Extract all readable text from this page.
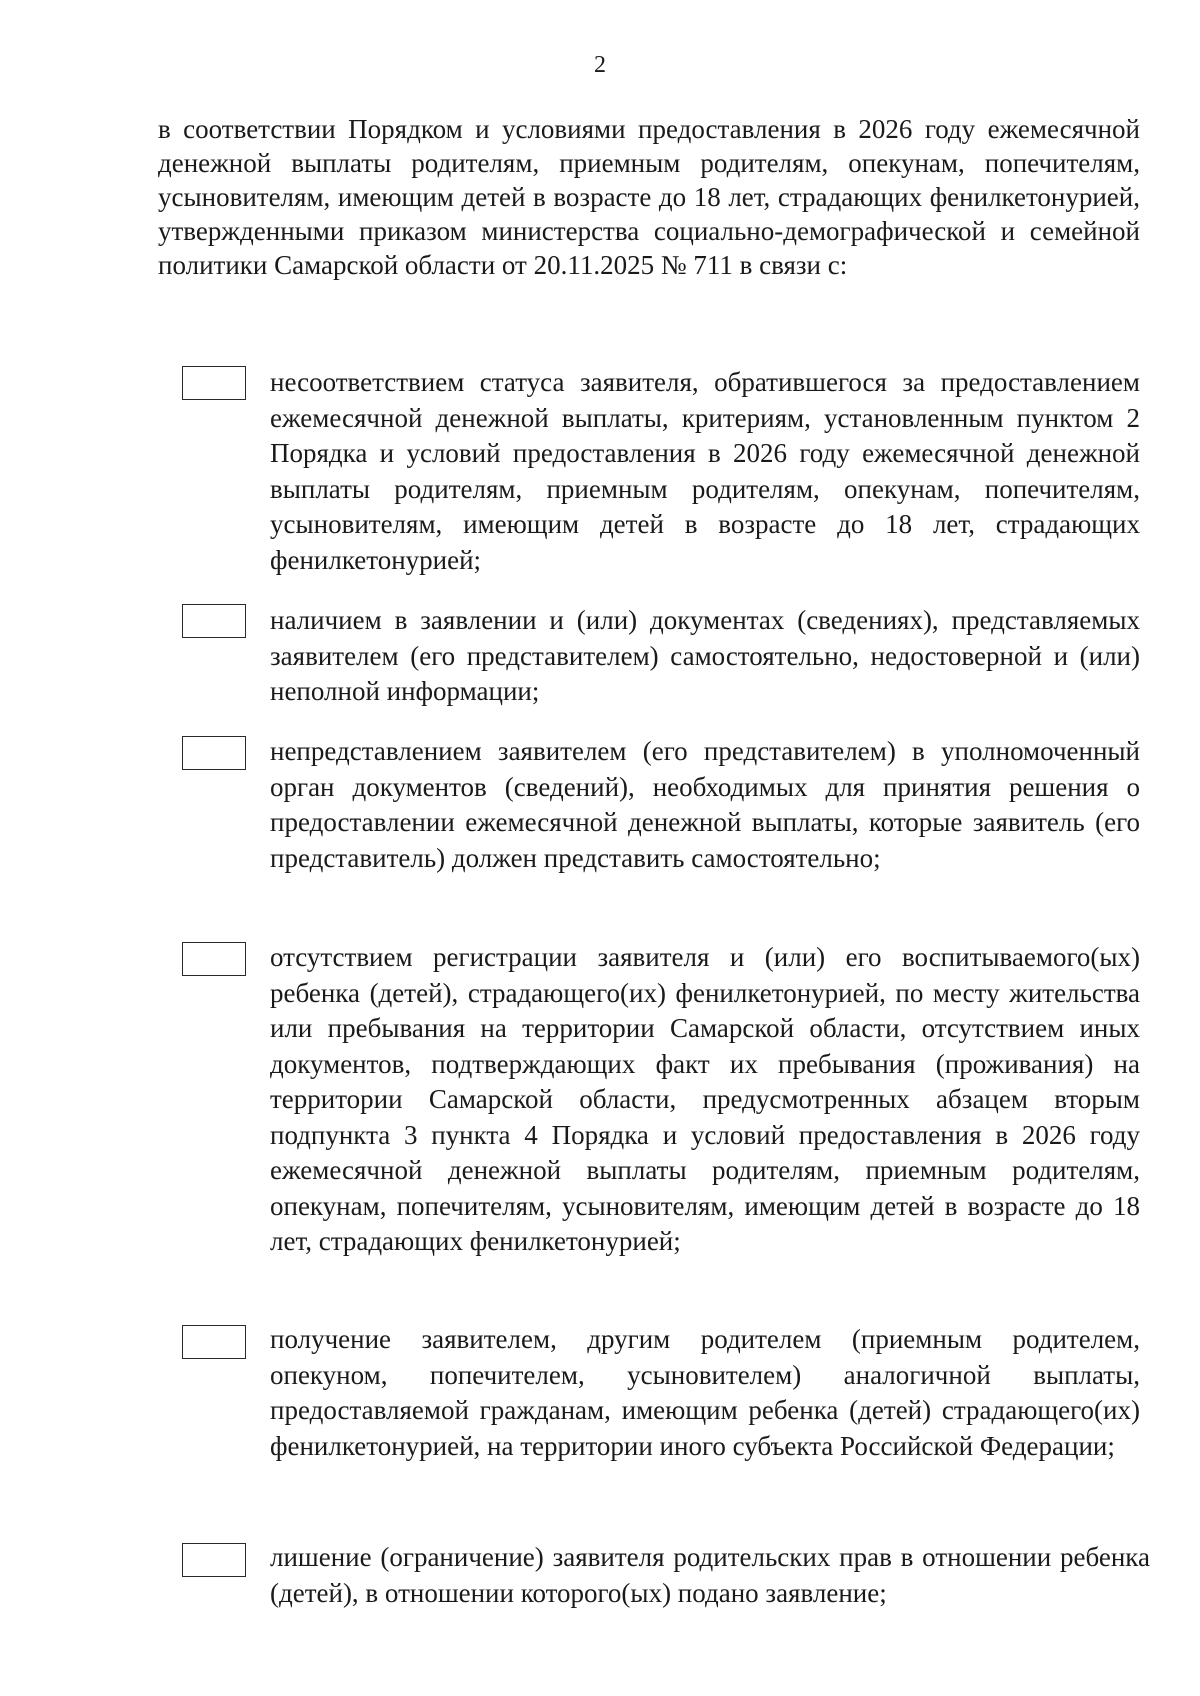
2
в соответствии Порядком и условиями предоставления в 2026 году ежемесячной денежной выплаты родителям, приемным родителям, опекунам, попечителям, усыновителям, имеющим детей в возрасте до 18 лет, страдающих фенилкетонурией, утвержденными приказом министерства социально-демографической и семейной политики Самарской области от 20.11.2025 № 711 в связи с:
несоответствием статуса заявителя, обратившегося за предоставлением ежемесячной денежной выплаты, критериям, установленным пунктом 2 Порядка и условий предоставления в 2026 году ежемесячной денежной выплаты родителям, приемным родителям, опекунам, попечителям, усыновителям, имеющим детей в возрасте до 18 лет, страдающих фенилкетонурией;
наличием в заявлении и (или) документах (сведениях), представляемых заявителем (его представителем) самостоятельно, недостоверной и (или) неполной информации;
непредставлением заявителем (его представителем) в уполномоченный орган документов (сведений), необходимых для принятия решения о предоставлении ежемесячной денежной выплаты, которые заявитель (его представитель) должен представить самостоятельно;
отсутствием регистрации заявителя и (или) его воспитываемого(ых) ребенка (детей), страдающего(их) фенилкетонурией, по месту жительства или пребывания на территории Самарской области, отсутствием иных документов, подтверждающих факт их пребывания (проживания) на территории Самарской области, предусмотренных абзацем вторым подпункта 3 пункта 4 Порядка и условий предоставления в 2026 году ежемесячной денежной выплаты родителям, приемным родителям, опекунам, попечителям, усыновителям, имеющим детей в возрасте до 18 лет, страдающих фенилкетонурией;
получение заявителем, другим родителем (приемным родителем, опекуном, попечителем, усыновителем) аналогичной выплаты, предоставляемой гражданам, имеющим ребенка (детей) страдающего(их) фенилкетонурией, на территории иного субъекта Российской Федерации;
лишение (ограничение) заявителя родительских прав в отношении ребенка (детей), в отношении которого(ых) подано заявление;
